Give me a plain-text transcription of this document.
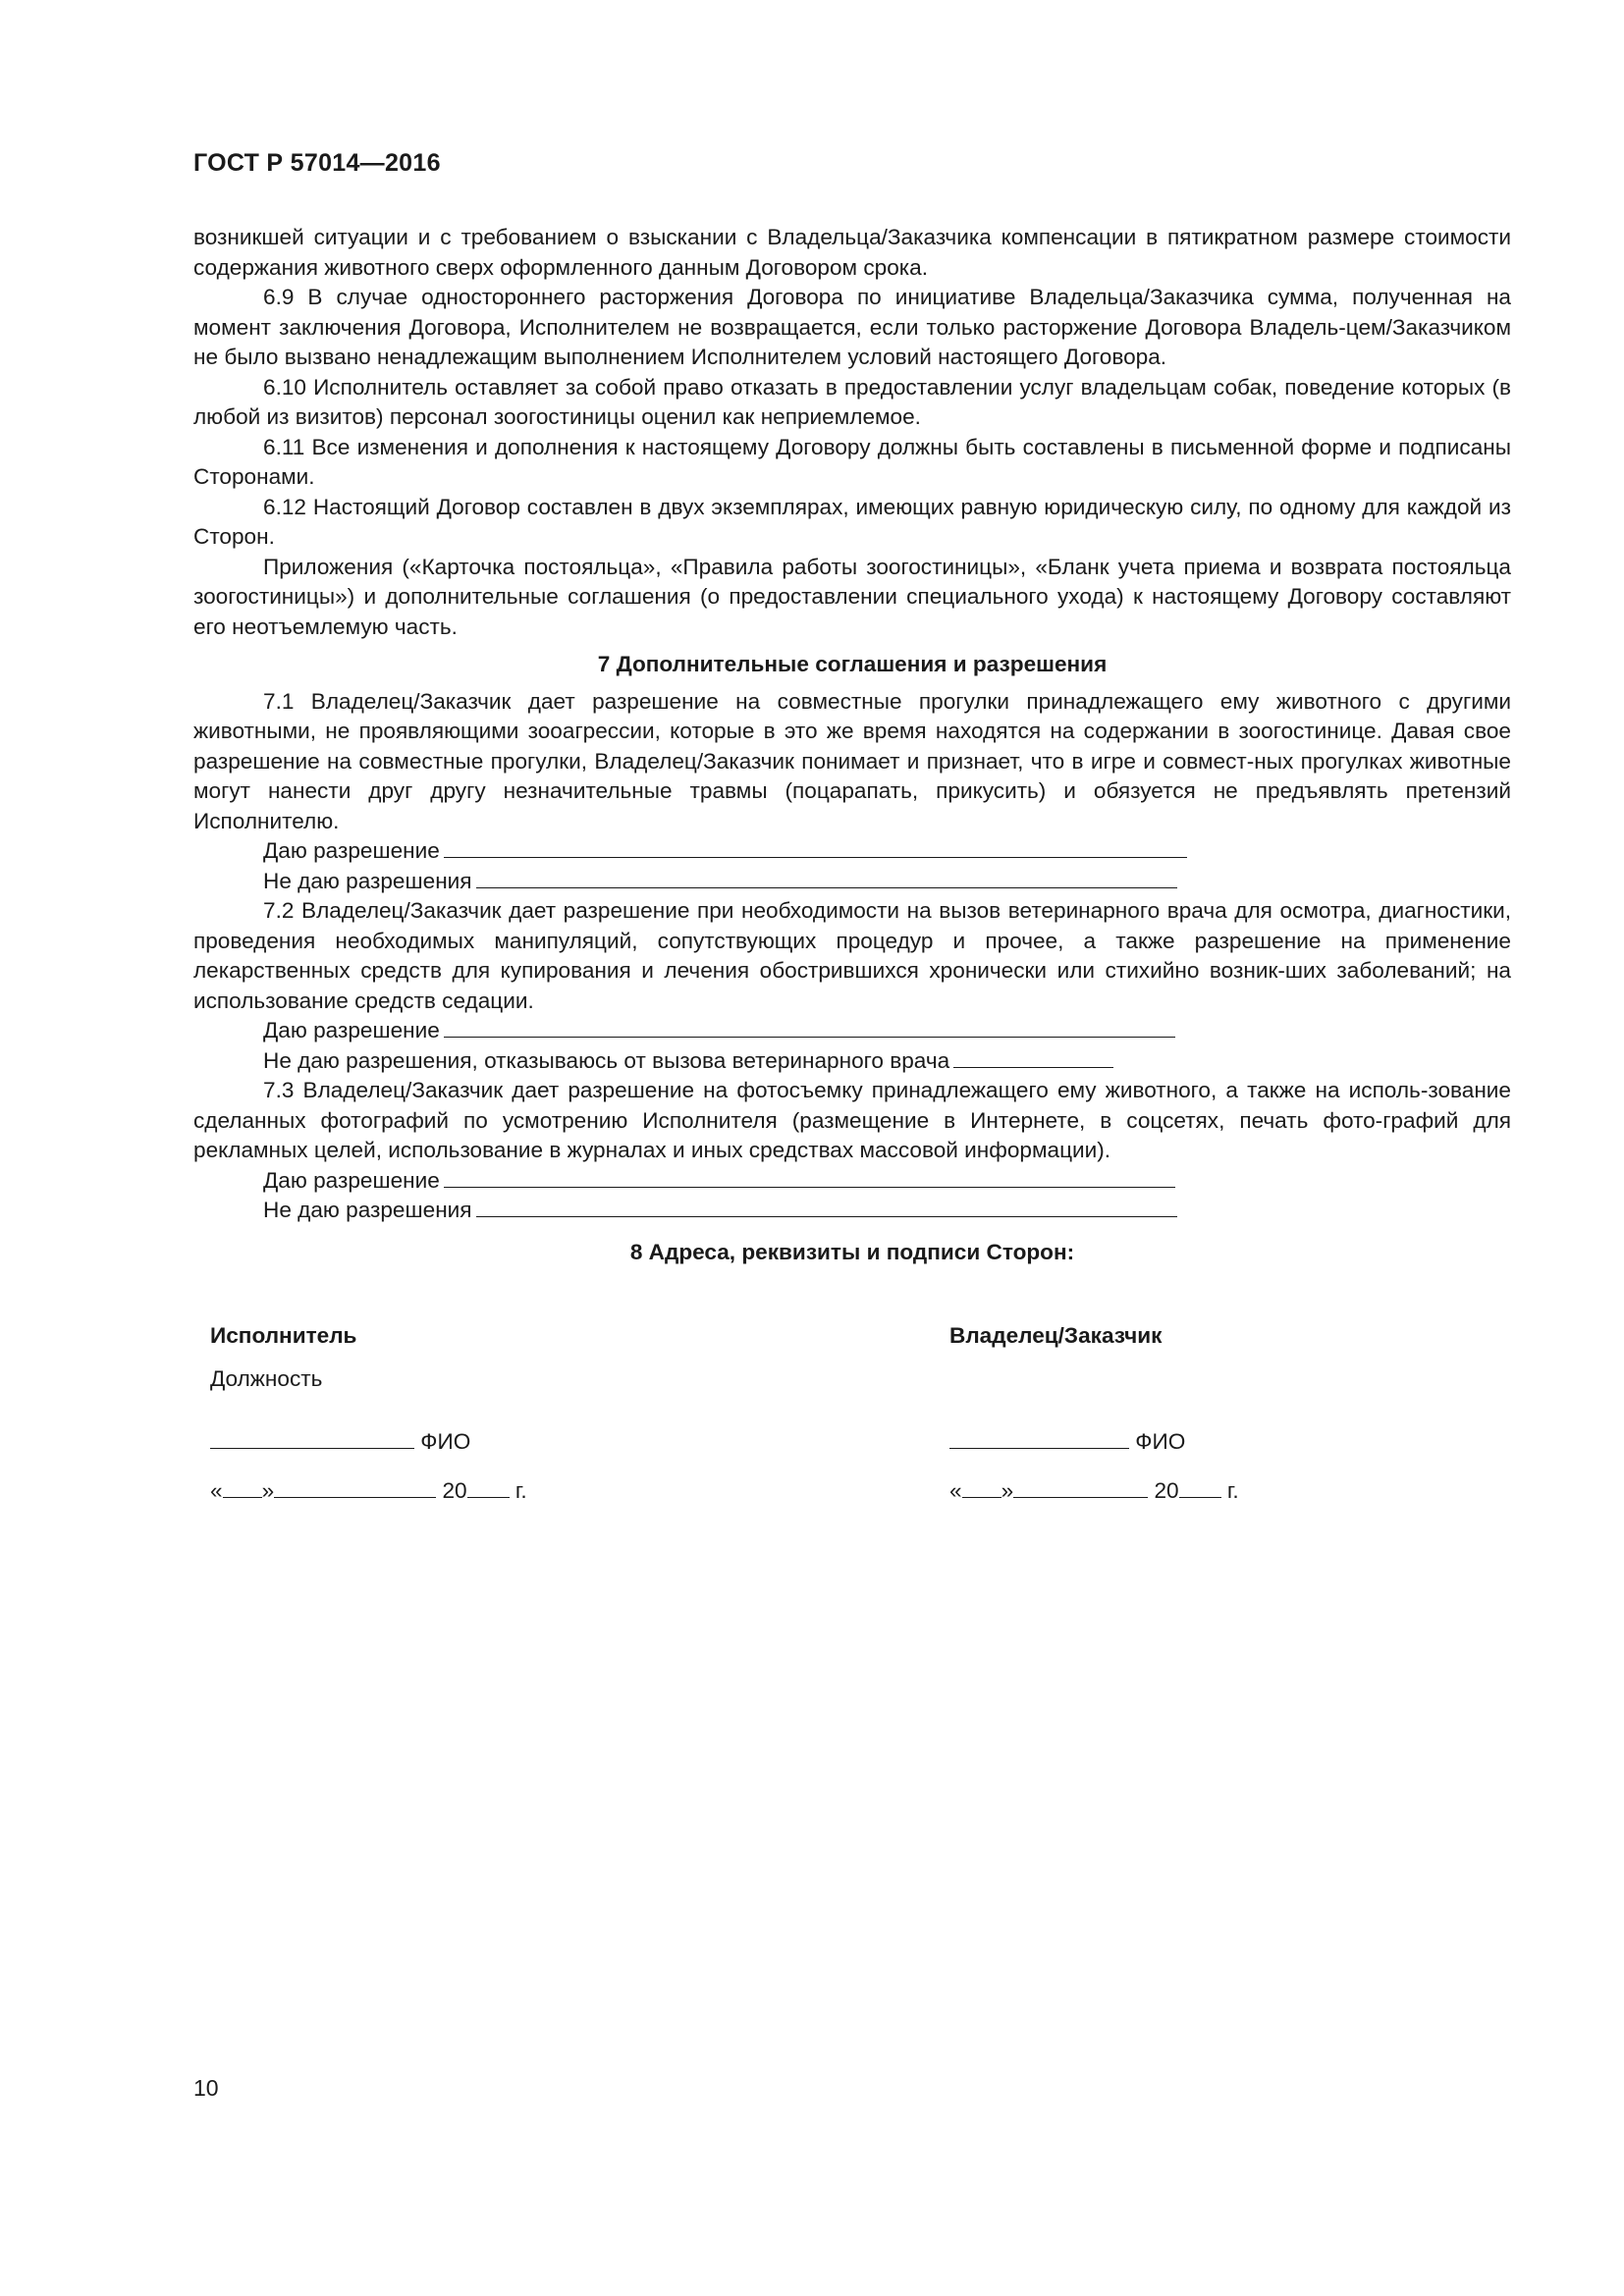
ГОСТ Р 57014—2016

возникшей ситуации и с требованием о взыскании с Владельца/Заказчика компенсации в пятикратном размере стоимости содержания животного сверх оформленного данным Договором срока.

6.9 В случае одностороннего расторжения Договора по инициативе Владельца/Заказчика сумма, полученная на момент заключения Договора, Исполнителем не возвращается, если только расторжение Договора Владель-цем/Заказчиком не было вызвано ненадлежащим выполнением Исполнителем условий настоящего Договора.

6.10 Исполнитель оставляет за собой право отказать в предоставлении услуг владельцам собак, поведение которых (в любой из визитов) персонал зоогостиницы оценил как неприемлемое.

6.11 Все изменения и дополнения к настоящему Договору должны быть составлены в письменной форме и подписаны Сторонами.

6.12 Настоящий Договор составлен в двух экземплярах, имеющих равную юридическую силу, по одному для каждой из Сторон.

Приложения («Карточка постояльца», «Правила работы зоогостиницы», «Бланк учета приема и возврата постояльца зоогостиницы») и дополнительные соглашения (о предоставлении специального ухода) к настоящему Договору составляют его неотъемлемую часть.

7 Дополнительные соглашения и разрешения

7.1 Владелец/Заказчик дает разрешение на совместные прогулки принадлежащего ему животного с другими животными, не проявляющими зооагрессии, которые в это же время находятся на содержании в зоогостинице. Давая свое разрешение на совместные прогулки, Владелец/Заказчик понимает и признает, что в игре и совмест-ных прогулках животные могут нанести друг другу незначительные травмы (поцарапать, прикусить) и обязуется не предъявлять претензий Исполнителю.

Даю разрешение
Не даю разрешения

7.2 Владелец/Заказчик дает разрешение при необходимости на вызов ветеринарного врача для осмотра, диагностики, проведения необходимых манипуляций, сопутствующих процедур и прочее, а также разрешение на применение лекарственных средств для купирования и лечения обострившихся хронически или стихийно возник-ших заболеваний; на использование средств седации.

Даю разрешение
Не даю разрешения, отказываюсь от вызова ветеринарного врача

7.3 Владелец/Заказчик дает разрешение на фотосъемку принадлежащего ему животного, а также на исполь-зование сделанных фотографий по усмотрению Исполнителя (размещение в Интернете, в соцсетях, печать фото-графий для рекламных целей, использование в журналах и иных средствах массовой информации).

Даю разрешение
Не даю разрешения

8 Адреса, реквизиты и подписи Сторон:

Исполнитель
Должность
ФИО
« »	20 г.
Владелец/Заказчик
ФИО
« »	20 г.
10
